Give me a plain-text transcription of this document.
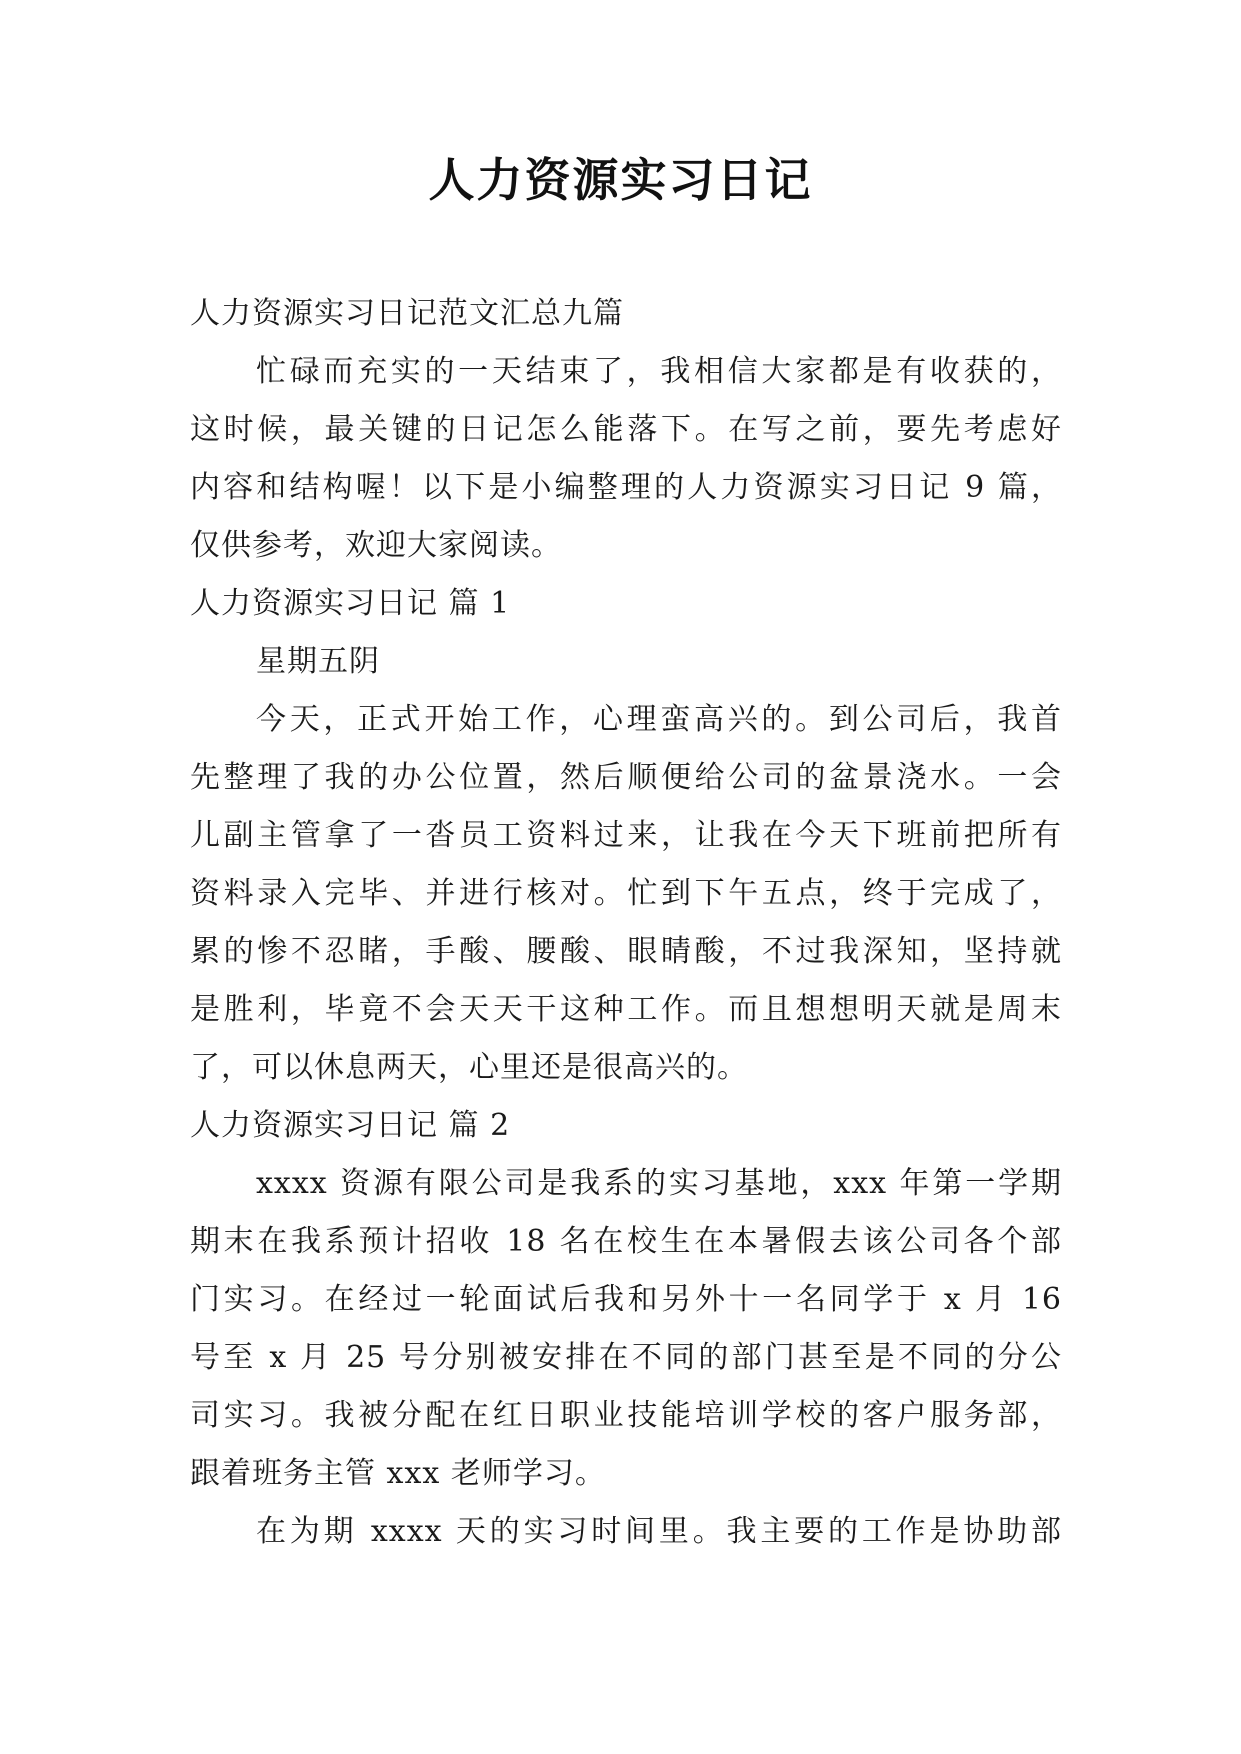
人力资源实习日记
人力资源实习日记范文汇总九篇
忙碌而充实的一天结束了，我相信大家都是有收获的，
这时候，最关键的日记怎么能落下。在写之前，要先考虑好
内容和结构喔！以下是小编整理的人力资源实习日记 9 篇，
仅供参考，欢迎大家阅读。
人力资源实习日记 篇 1
星期五阴
今天，正式开始工作，心理蛮高兴的。到公司后，我首
先整理了我的办公位置，然后顺便给公司的盆景浇水。一会
儿副主管拿了一沓员工资料过来，让我在今天下班前把所有
资料录入完毕、并进行核对。忙到下午五点，终于完成了，
累的惨不忍睹，手酸、腰酸、眼睛酸，不过我深知，坚持就
是胜利，毕竟不会天天干这种工作。而且想想明天就是周末
了，可以休息两天，心里还是很高兴的。
人力资源实习日记 篇 2
xxxx 资源有限公司是我系的实习基地，xxx 年第一学期
期末在我系预计招收 18 名在校生在本暑假去该公司各个部
门实习。在经过一轮面试后我和另外十一名同学于 x 月 16
号至 x 月 25 号分别被安排在不同的部门甚至是不同的分公
司实习。我被分配在红日职业技能培训学校的客户服务部，
跟着班务主管 xxx 老师学习。
在为期 xxxx 天的实习时间里。我主要的工作是协助部
